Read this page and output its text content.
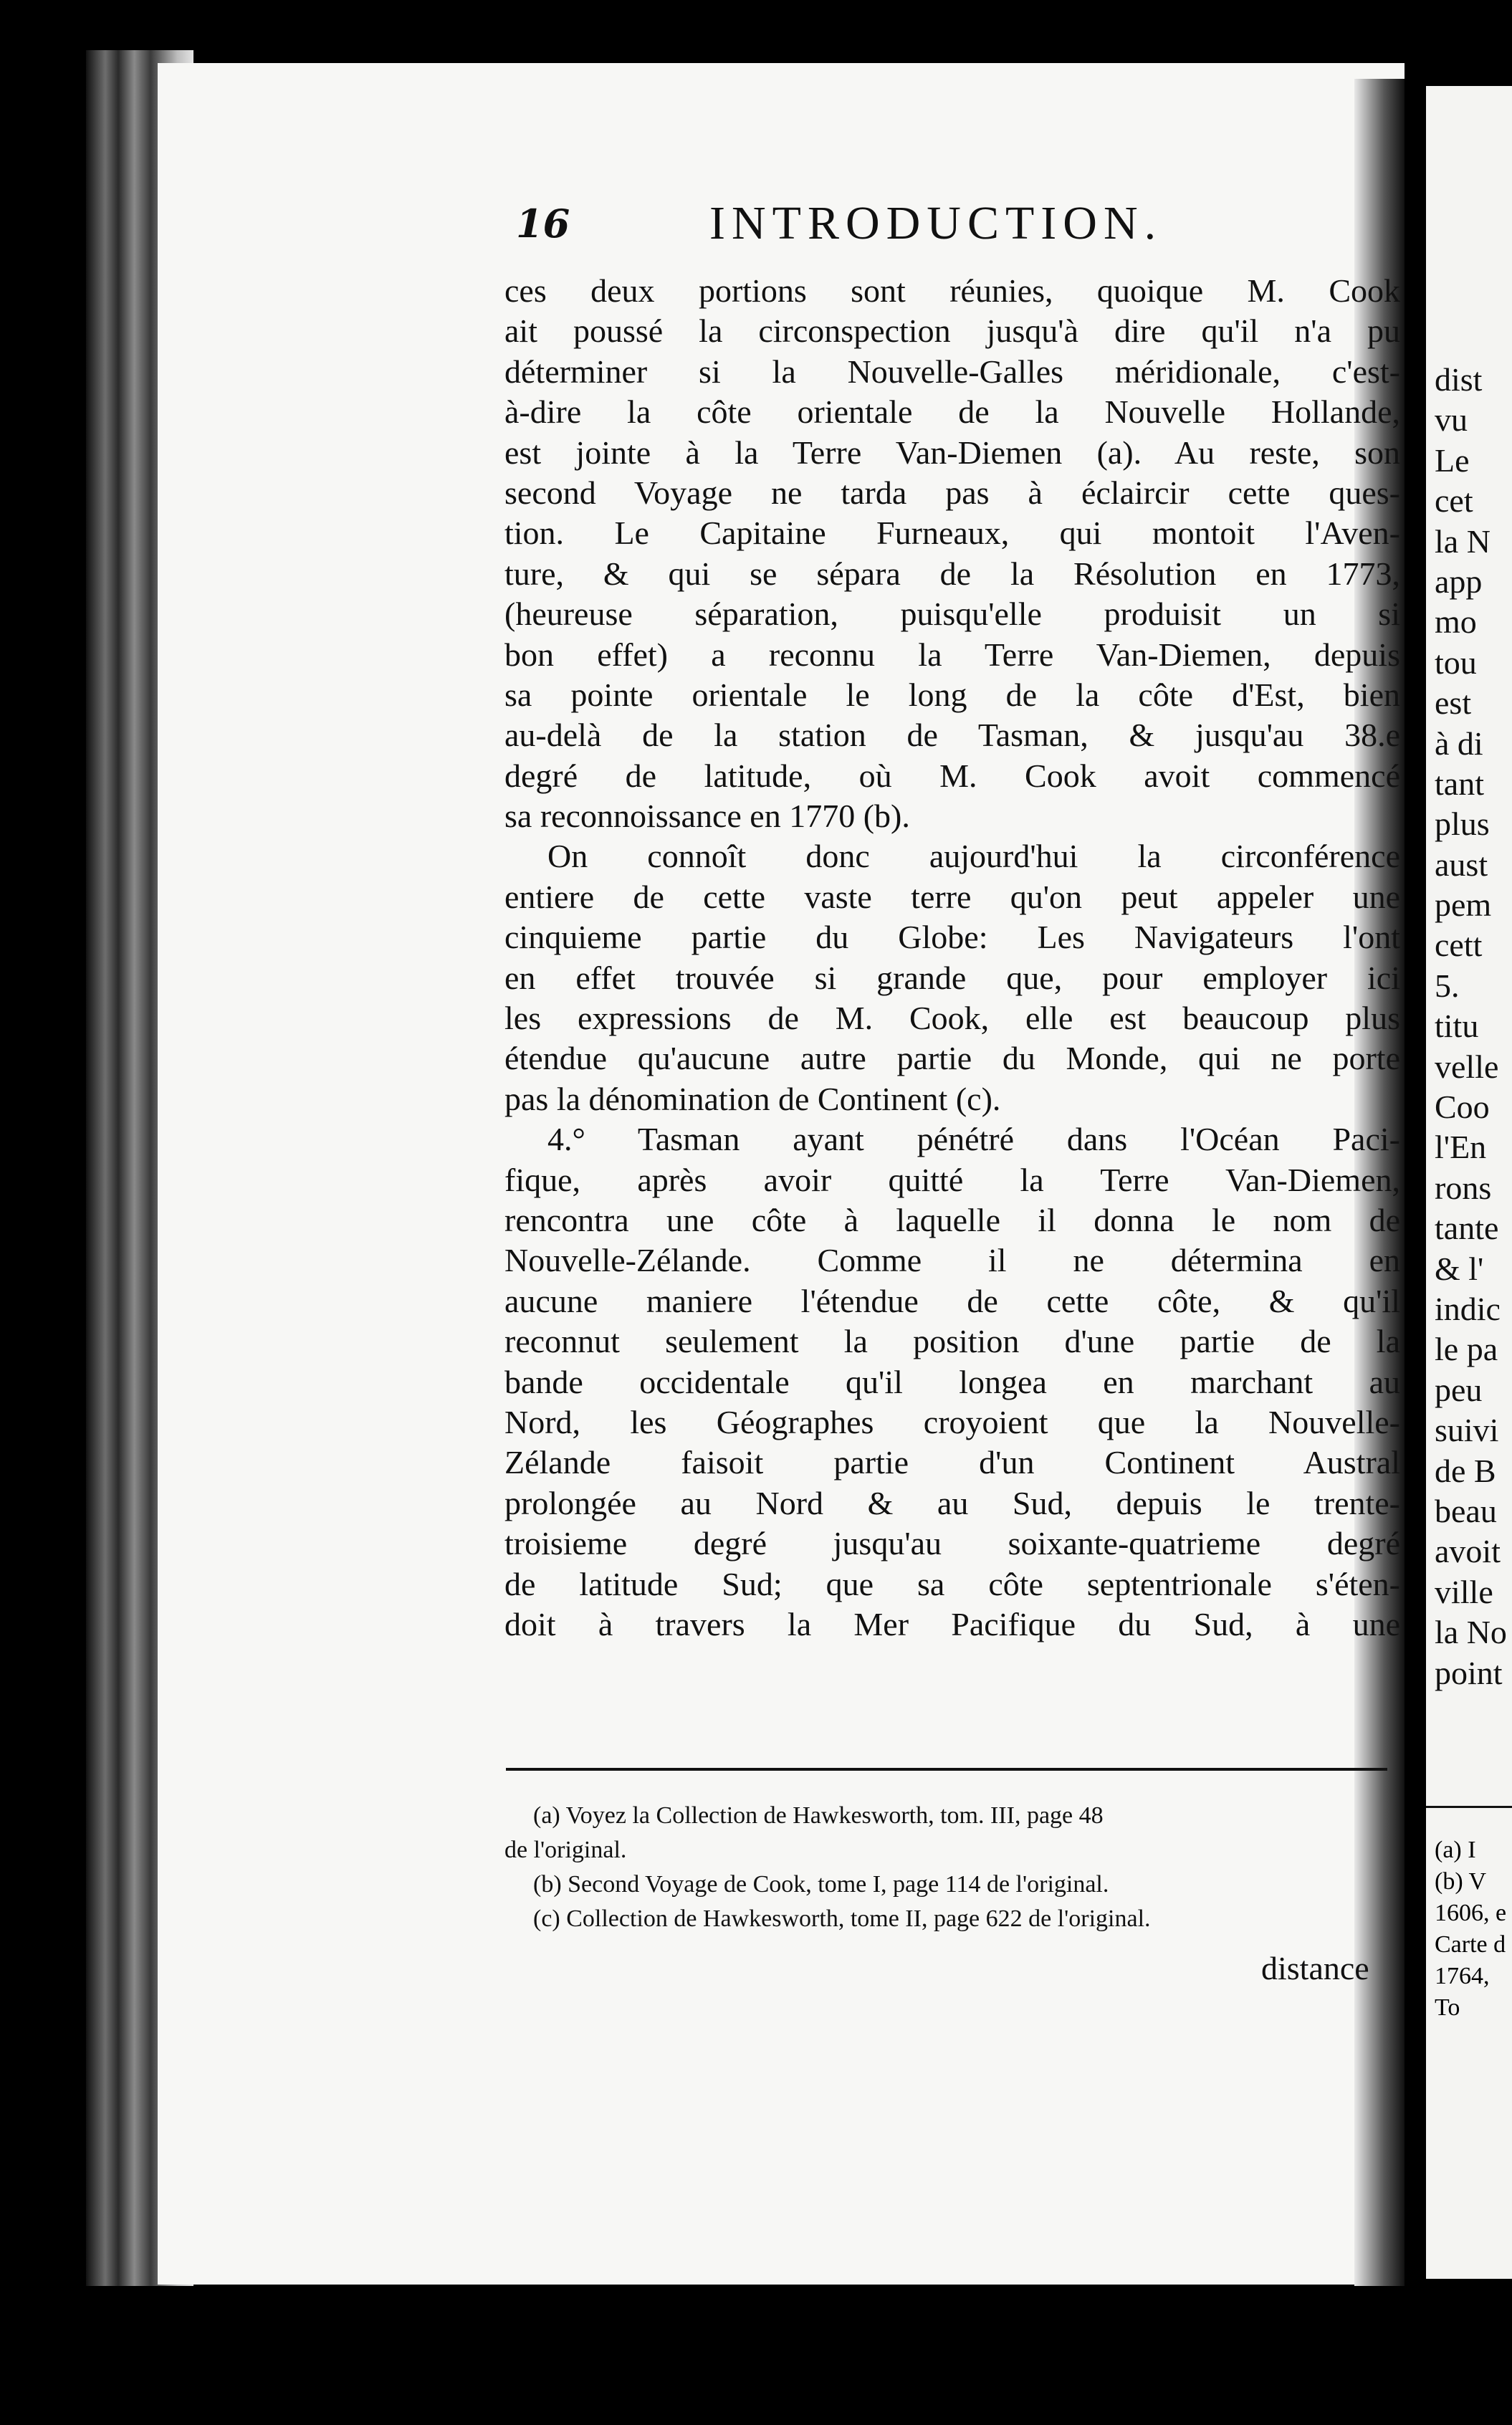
16	INTRODUCTION.
ces deux portions sont réunies, quoique M. Cook
ait poussé la circonspection jusqu'à dire qu'il n'a pu
déterminer si la Nouvelle-Galles méridionale, c'est-
à-dire la côte orientale de la Nouvelle Hollande,
est jointe à la Terre Van-Diemen (a). Au reste, son
second Voyage ne tarda pas à éclaircir cette ques-
tion. Le Capitaine Furneaux, qui montoit l'Aven-
ture, & qui se sépara de la Résolution en 1773,
(heureuse séparation, puisqu'elle produisit un si
bon effet) a reconnu la Terre Van-Diemen, depuis
sa pointe orientale le long de la côte d'Est, bien
au-delà de la station de Tasman, & jusqu'au 38.e
degré de latitude, où M. Cook avoit commencé
sa reconnoissance en 1770 (b).
On connoît donc aujourd'hui la circonférence
entiere de cette vaste terre qu'on peut appeler une
cinquieme partie du Globe: Les Navigateurs l'ont
en effet trouvée si grande que, pour employer ici
les expressions de M. Cook, elle est beaucoup plus
étendue qu'aucune autre partie du Monde, qui ne porte
pas la dénomination de Continent (c).
4.° Tasman ayant pénétré dans l'Océan Paci-
fique, après avoir quitté la Terre Van-Diemen,
rencontra une côte à laquelle il donna le nom de
Nouvelle-Zélande. Comme il ne détermina en
aucune maniere l'étendue de cette côte, & qu'il
reconnut seulement la position d'une partie de la
bande occidentale qu'il longea en marchant au
Nord, les Géographes croyoient que la Nouvelle-
Zélande faisoit partie d'un Continent Austral
prolongée au Nord & au Sud, depuis le trente-
troisieme degré jusqu'au soixante-quatrieme degré
de latitude Sud; que sa côte septentrionale s'éten-
doit à travers la Mer Pacifique du Sud, à une
(a) Voyez la Collection de Hawkesworth, tom. III, page 48
de l'original.
(b) Second Voyage de Cook, tome I, page 114 de l'original.
(c) Collection de Hawkesworth, tome II, page 622 de l'original.
distance
dist
vu
Le
cet
la N
app
mo
tou
est
à di
tant
plus
aust
pem
cett
5.
titu
velle
Coo
l'En
rons
tante
& l'
indic
le pa
peu
suivi
de B
beau
avoit
ville
la No
point
(a) I
(b) V
1606, e
Carte d
1764,
To
